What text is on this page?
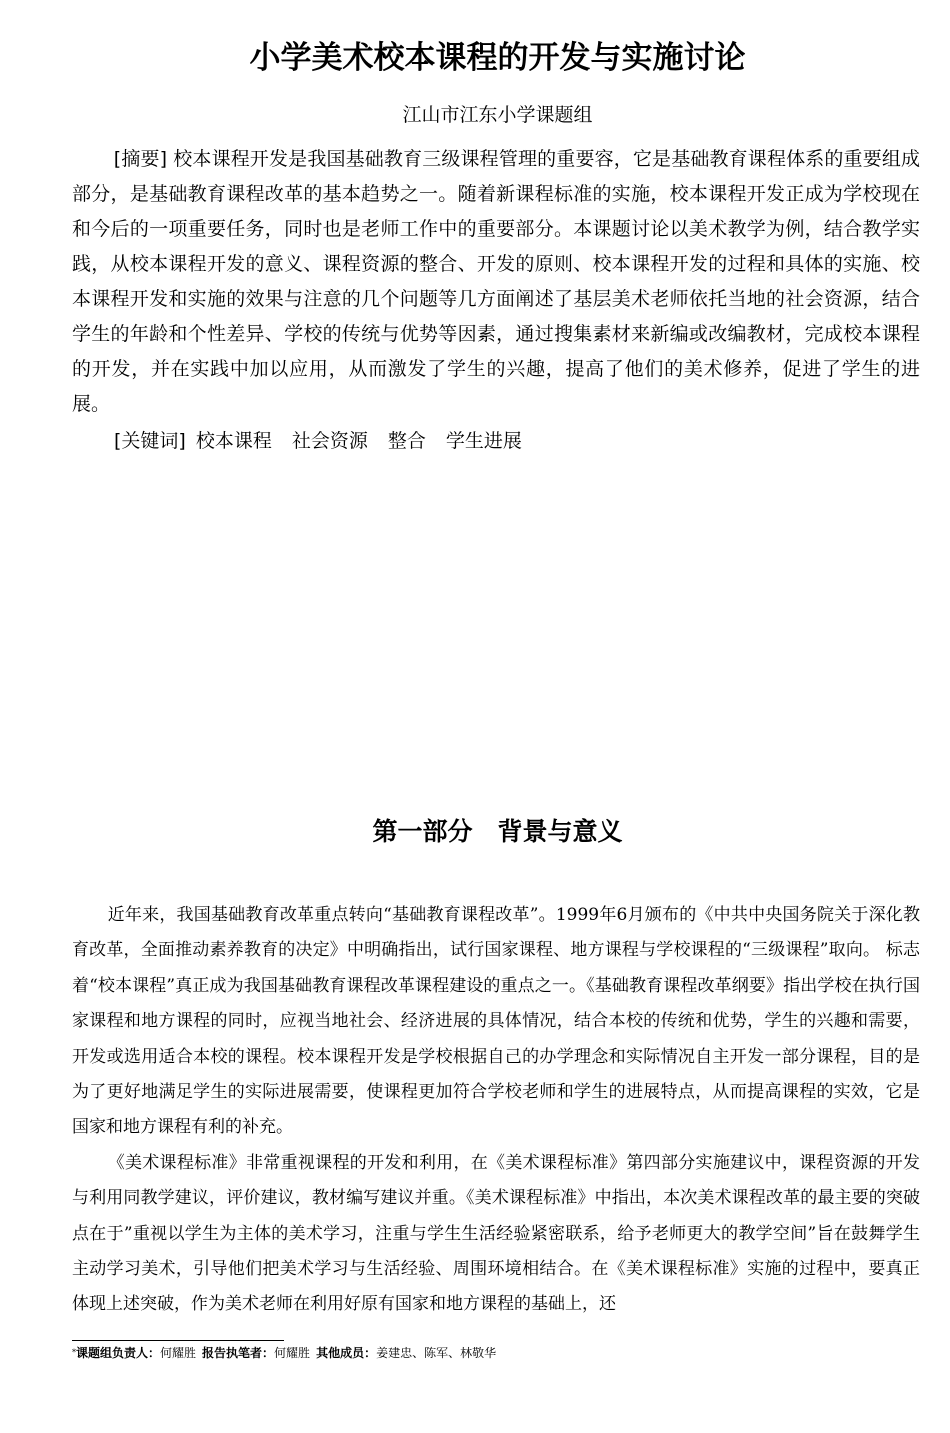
小学美术校本课程的开发与实施讨论
江山市江东小学课题组
[摘要] 校本课程开发是我国基础教育三级课程管理的重要容，它是基础教育课程体系的重要组成部分，是基础教育课程改革的基本趋势之一。随着新课程标准的实施，校本课程开发正成为学校现在和今后的一项重要任务，同时也是老师工作中的重要部分。本课题讨论以美术教学为例，结合教学实践，从校本课程开发的意义、课程资源的整合、开发的原则、校本课程开发的过程和具体的实施、校本课程开发和实施的效果与注意的几个问题等几方面阐述了基层美术老师依托当地的社会资源，结合学生的年龄和个性差异、学校的传统与优势等因素，通过搜集素材来新编或改编教材，完成校本课程的开发，并在实践中加以应用，从而激发了学生的兴趣，提高了他们的美术修养，促进了学生的进展。
[关键词] 校本课程 社会资源 整合 学生进展
第一部分　背景与意义

近年来，我国基础教育改革重点转向“基础教育课程改革”。1999年6月颁布的《中共中央国务院关于深化教育改革，全面推动素养教育的决定》中明确指出，试行国家课程、地方课程与学校课程的“三级课程”取向。 标志着“校本课程”真正成为我国基础教育课程改革课程建设的重点之一。《基础教育课程改革纲要》指出学校在执行国家课程和地方课程的同时，应视当地社会、经济进展的具体情况，结合本校的传统和优势，学生的兴趣和需要，开发或选用适合本校的课程。校本课程开发是学校根据自己的办学理念和实际情况自主开发一部分课程，目的是为了更好地满足学生的实际进展需要，使课程更加符合学校老师和学生的进展特点，从而提高课程的实效，它是国家和地方课程有利的补充。

《美术课程标准》非常重视课程的开发和利用，在《美术课程标准》第四部分实施建议中，课程资源的开发与利用同教学建议，评价建议，教材编写建议并重。《美术课程标准》中指出，本次美术课程改革的最主要的突破点在于”重视以学生为主体的美术学习，注重与学生生活经验紧密联系，给予老师更大的教学空间”旨在鼓舞学生主动学习美术，引导他们把美术学习与生活经验、周围环境相结合。在《美术课程标准》实施的过程中，要真正体现上述突破，作为美术老师在利用好原有国家和地方课程的基础上，还

*课题组负责人：何耀胜 报告执笔者：何耀胜 其他成员：姜建忠、陈军、林敬华
